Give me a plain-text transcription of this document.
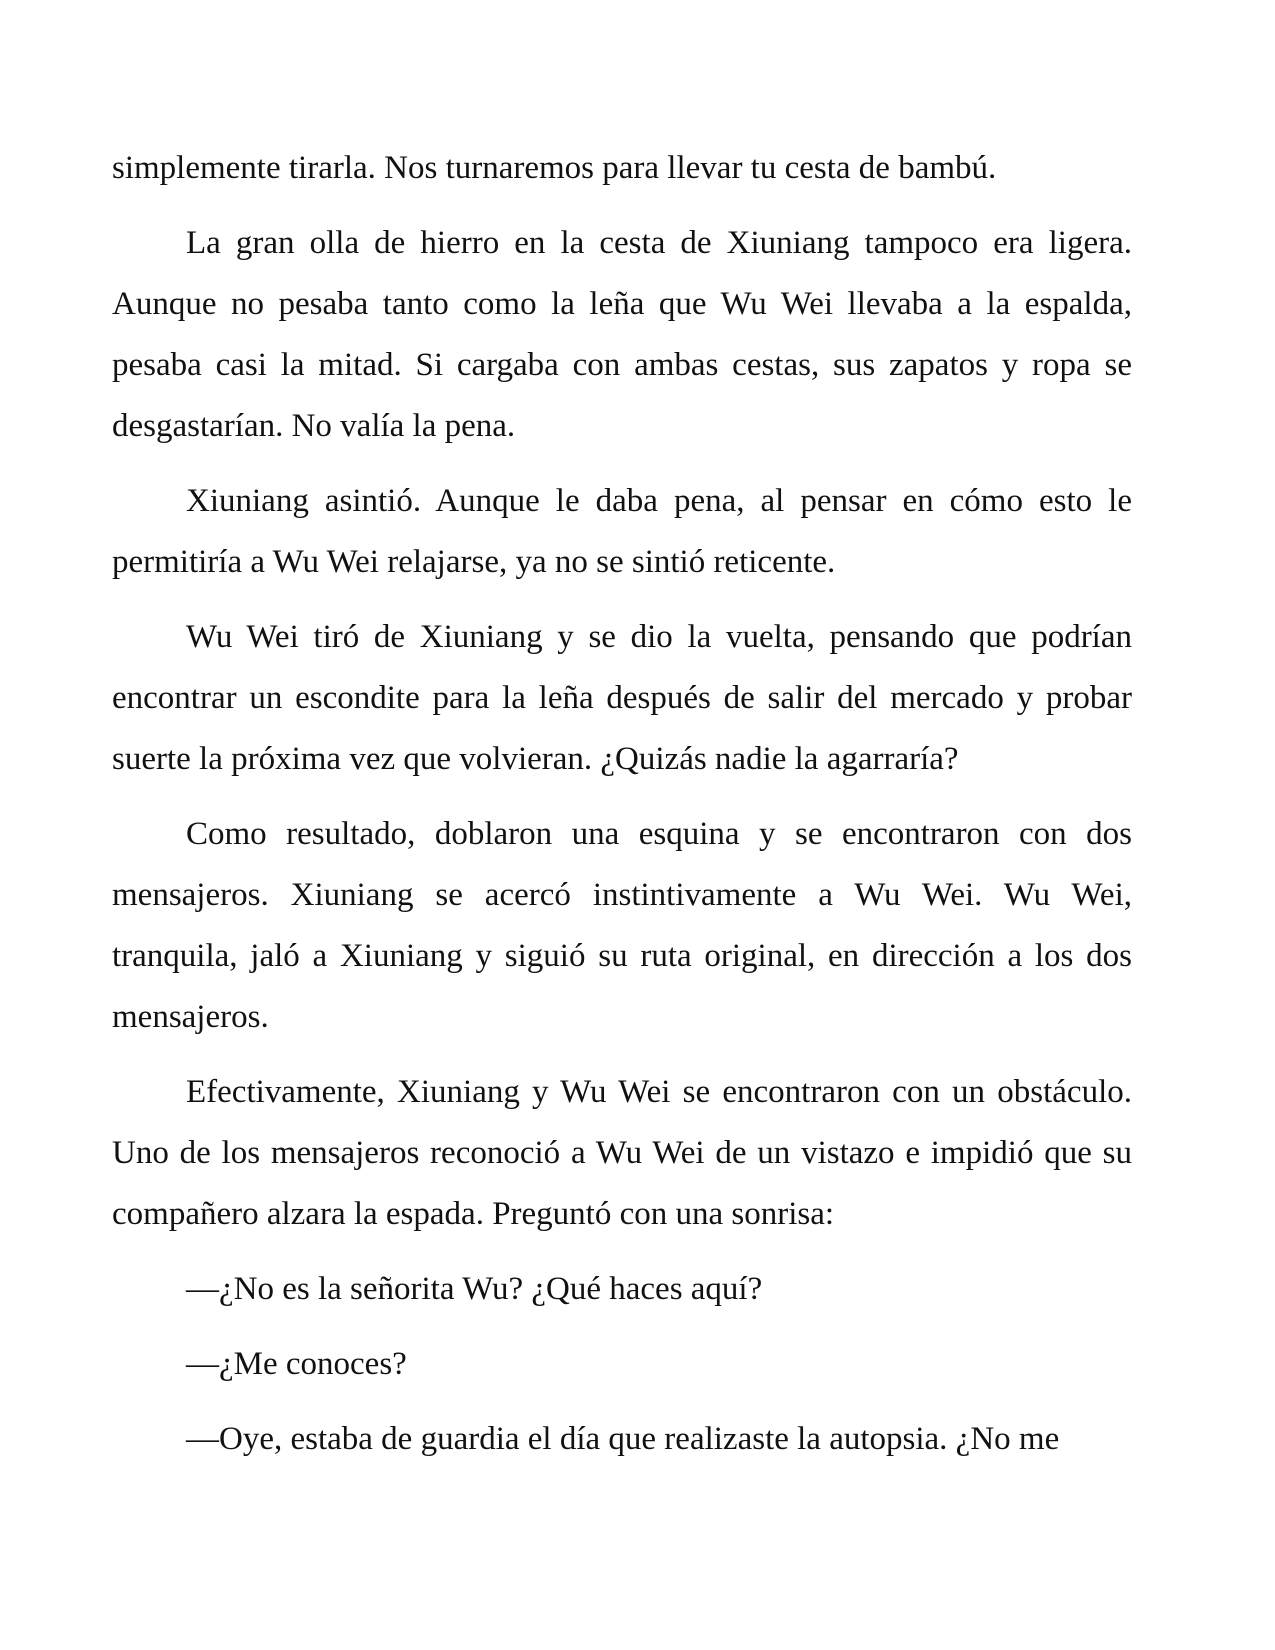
simplemente tirarla. Nos turnaremos para llevar tu cesta de bambú.

La gran olla de hierro en la cesta de Xiuniang tampoco era ligera. Aunque no pesaba tanto como la leña que Wu Wei llevaba a la espalda, pesaba casi la mitad. Si cargaba con ambas cestas, sus zapatos y ropa se desgastarían. No valía la pena.

Xiuniang asintió. Aunque le daba pena, al pensar en cómo esto le permitiría a Wu Wei relajarse, ya no se sintió reticente.

Wu Wei tiró de Xiuniang y se dio la vuelta, pensando que podrían encontrar un escondite para la leña después de salir del mercado y probar suerte la próxima vez que volvieran. ¿Quizás nadie la agarraría?

Como resultado, doblaron una esquina y se encontraron con dos mensajeros. Xiuniang se acercó instintivamente a Wu Wei. Wu Wei, tranquila, jaló a Xiuniang y siguió su ruta original, en dirección a los dos mensajeros.

Efectivamente, Xiuniang y Wu Wei se encontraron con un obstáculo. Uno de los mensajeros reconoció a Wu Wei de un vistazo e impidió que su compañero alzara la espada. Preguntó con una sonrisa:

—¿No es la señorita Wu? ¿Qué haces aquí?

—¿Me conoces?

—Oye, estaba de guardia el día que realizaste la autopsia. ¿No me
